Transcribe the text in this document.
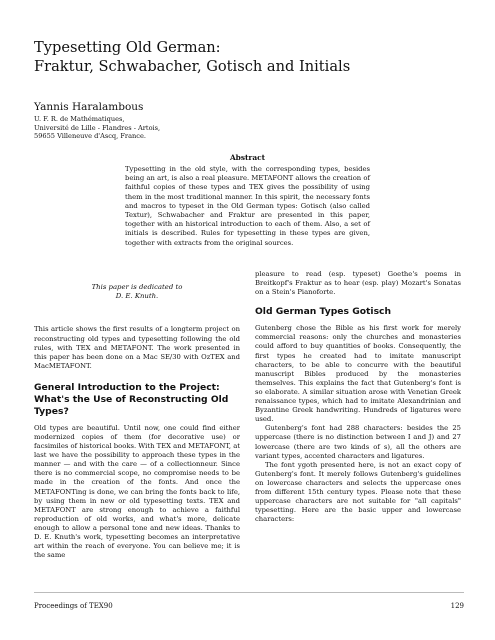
Typesetting Old German:
Fraktur, Schwabacher, Gotisch and Initials
Yannis Haralambous
U. F. R. de Mathématiques,
Université de Lille - Flandres - Artois,
59655 Villeneuve d'Ascq, France.
Abstract
Typesetting in the old style, with the corresponding types, besides being an art, is also a real pleasure. METAFONT allows the creation of faithful copies of these types and TEX gives the possibility of using them in the most traditional manner. In this spirit, the necessary fonts and macros to typeset in the Old German types: Gotisch (also called Textur), Schwabacher and Fraktur are presented in this paper, together with an historical introduction to each of them. Also, a set of initials is described. Rules for typesetting in these types are given, together with extracts from the original sources.
This paper is dedicated to
D. E. Knuth.

This article shows the first results of a longterm project on reconstructing old types and typesetting following the old rules, with TEX and METAFONT. The work presented in this paper has been done on a Mac SE/30 with OzTEX and MacMETAFONT.

General Introduction to the Project: What's the Use of Reconstructing Old Types?

Old types are beautiful. Until now, one could find either modernized copies of them (for decorative use) or facsimiles of historical books. With TEX and METAFONT, at last we have the possibility to approach these types in the manner — and with the care — of a collectionneur. Since there is no commercial scope, no compromise needs to be made in the creation of the fonts. And once the METAFONTing is done, we can bring the fonts back to life, by using them in new or old typesetting texts. TEX and METAFONT are strong enough to achieve a faithful reproduction of old works, and what's more, delicate enough to allow a personal tone and new ideas. Thanks to D. E. Knuth's work, typesetting becomes an interpretative art within the reach of everyone. You can believe me; it is the same

pleasure to read (esp. typeset) Goethe's poems in Breitkopf's Fraktur as to hear (esp. play) Mozart's Sonatas on a Stein's Pianoforte.

Old German Types Gotisch

Gutenberg chose the Bible as his first work for merely commercial reasons: only the churches and monasteries could afford to buy quantities of books. Consequently, the first types he created had to imitate manuscript characters, to be able to concurre with the beautiful manuscript Bibles produced by the monasteries themselves. This explains the fact that Gutenberg's font is so elaborate. A similar situation arose with Venetian Greek renaissance types, which had to imitate Alexandrinian and Byzantine Greek handwriting. Hundreds of ligatures were used.

Gutenberg's font had 288 characters: besides the 25 uppercase (there is no distinction between I and J) and 27 lowercase (there are two kinds of s), all the others are variant types, accented characters and ligatures.

The font ygoth presented here, is not an exact copy of Gutenberg's font. It merely follows Gutenberg's guidelines on lowercase characters and selects the uppercase ones from different 15th century types. Please note that these uppercase characters are not suitable for "all capitals" typesetting. Here are the basic upper and lowercase characters:

Proceedings of TEX90	129
